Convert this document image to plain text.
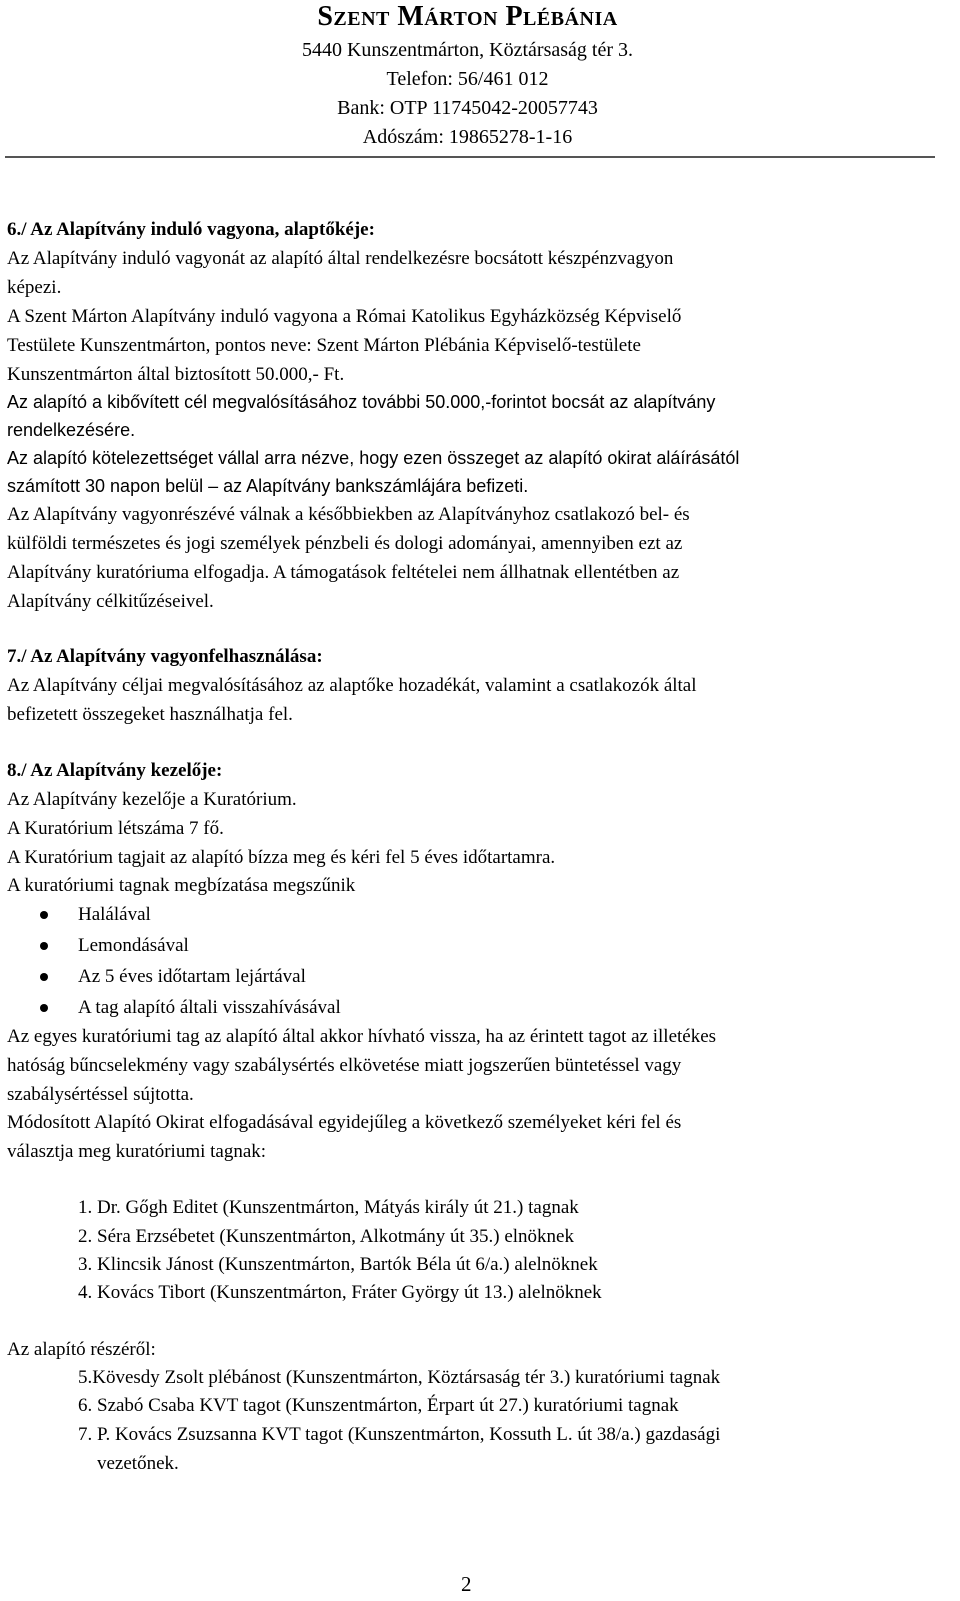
Szent Márton Plébánia
5440 Kunszentmárton, Köztársaság tér 3.
Telefon: 56/461 012
Bank: OTP 11745042-20057743
Adószám: 19865278-1-16
6./ Az Alapítvány induló vagyona, alaptőkéje:
Az Alapítvány induló vagyonát az alapító által rendelkezésre bocsátott készpénzvagyon
képezi.
A Szent Márton Alapítvány induló vagyona a Római Katolikus Egyházközség Képviselő
Testülete Kunszentmárton, pontos neve: Szent Márton Plébánia Képviselő-testülete
Kunszentmárton által biztosított 50.000,- Ft.
Az alapító a kibővített cél megvalósításához további 50.000,-forintot bocsát az alapítvány
rendelkezésére.
Az alapító kötelezettséget vállal arra nézve, hogy ezen összeget az alapító okirat aláírásától
számított 30 napon belül – az Alapítvány bankszámlájára befizeti.
Az Alapítvány vagyonrészévé válnak a későbbiekben az Alapítványhoz csatlakozó bel- és
külföldi természetes és jogi személyek pénzbeli és dologi adományai, amennyiben ezt az
Alapítvány kuratóriuma elfogadja. A támogatások feltételei nem állhatnak ellentétben az
Alapítvány célkitűzéseivel.
7./ Az Alapítvány vagyonfelhasználása:
Az Alapítvány céljai megvalósításához az alaptőke hozadékát, valamint a csatlakozók által
befizetett összegeket használhatja fel.
8./ Az Alapítvány kezelője:
Az Alapítvány kezelője a Kuratórium.
A Kuratórium létszáma 7 fő.
A Kuratórium tagjait az alapító bízza meg és kéri fel 5 éves időtartamra.
A kuratóriumi tagnak megbízatása megszűnik
Halálával
Lemondásával
Az 5 éves időtartam lejártával
A tag alapító általi visszahívásával
Az egyes kuratóriumi tag az alapító által akkor hívható vissza, ha az érintett tagot az illetékes
hatóság bűncselekmény vagy szabálysértés elkövetése miatt jogszerűen büntetéssel vagy
szabálysértéssel sújtotta.
Módosított Alapító Okirat elfogadásával egyidejűleg a következő személyeket kéri fel és
választja meg kuratóriumi tagnak:
1. Dr. Gőgh Editet (Kunszentmárton, Mátyás király út 21.) tagnak
2. Séra Erzsébetet (Kunszentmárton, Alkotmány út 35.) elnöknek
3. Klincsik Jánost (Kunszentmárton, Bartók Béla út 6/a.) alelnöknek
4. Kovács Tibort (Kunszentmárton, Fráter György út 13.) alelnöknek
Az alapító részéről:
5.Kövesdy Zsolt plébánost (Kunszentmárton, Köztársaság tér 3.) kuratóriumi tagnak
6. Szabó Csaba KVT tagot (Kunszentmárton, Érpart út 27.) kuratóriumi tagnak
7. P. Kovács Zsuzsanna KVT tagot (Kunszentmárton, Kossuth L. út 38/a.) gazdasági
vezetőnek.
2
